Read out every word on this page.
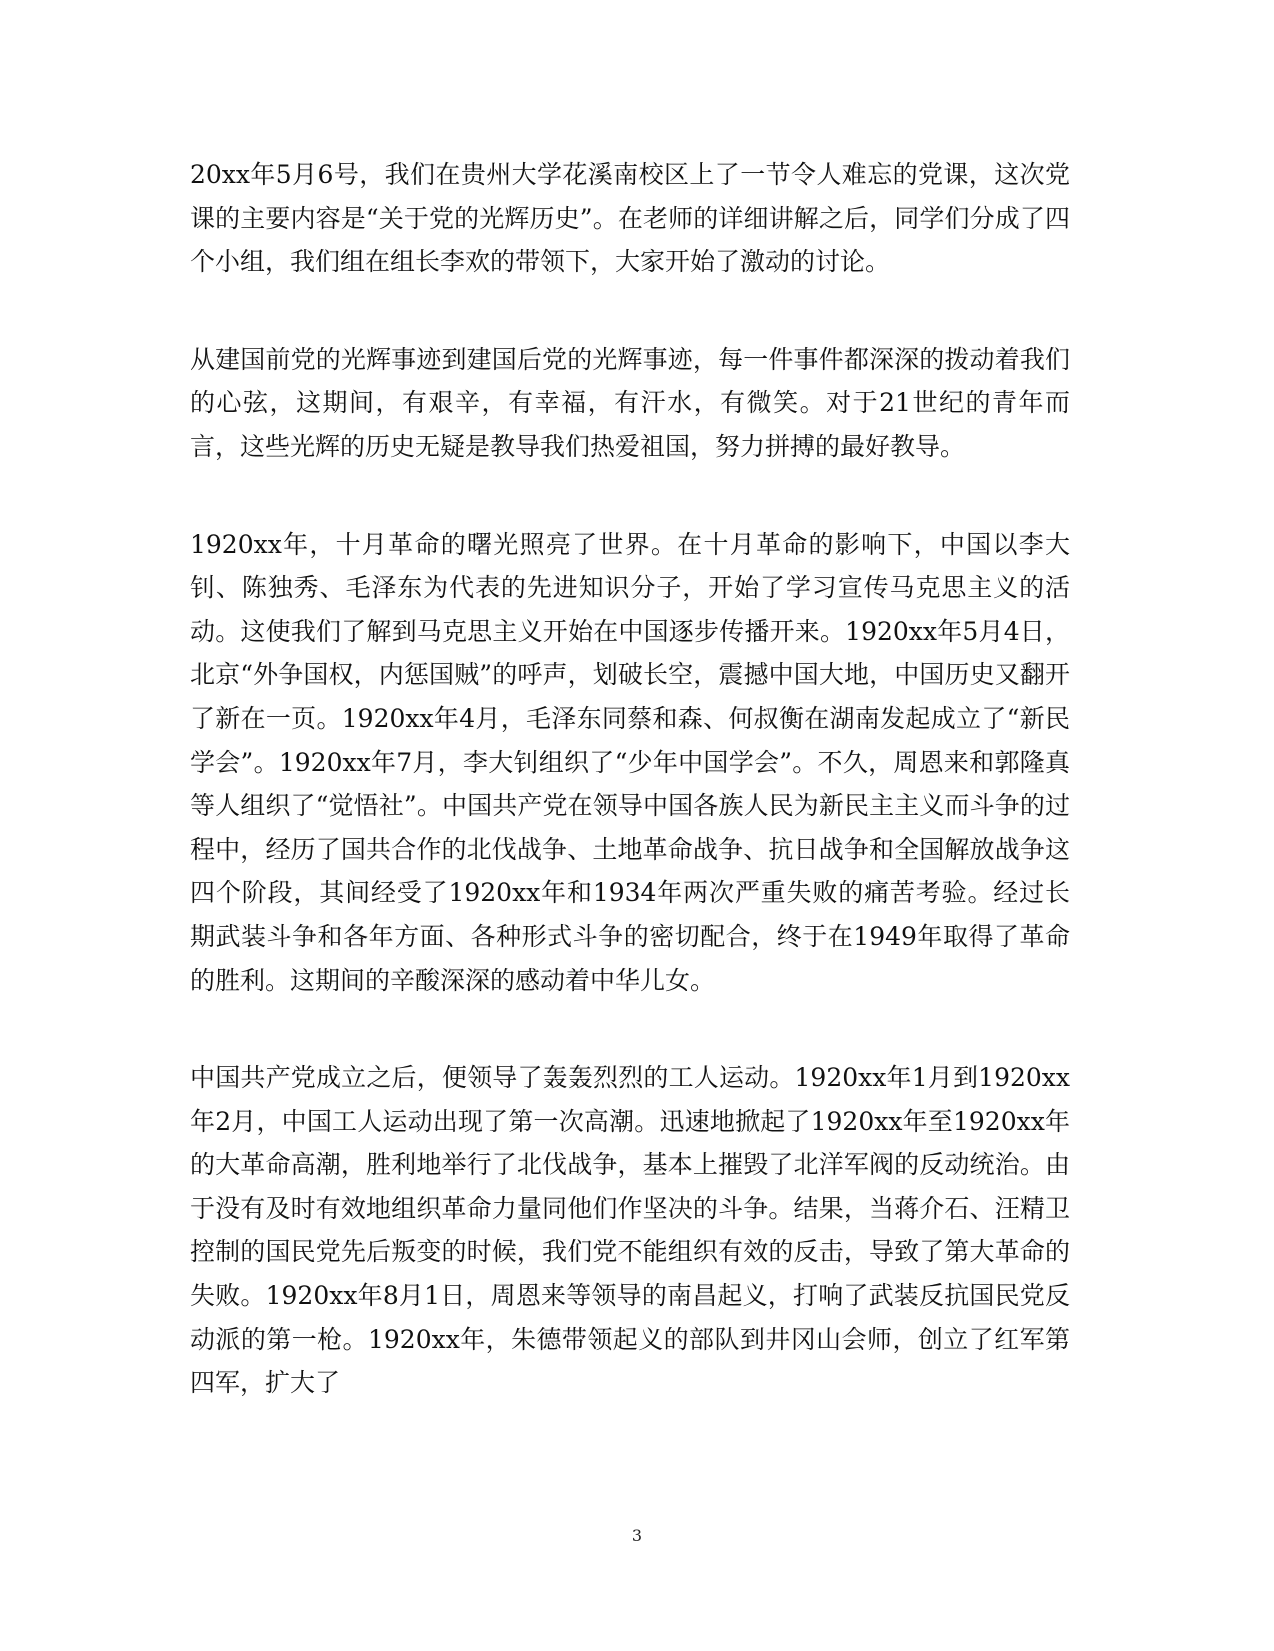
20xx年5月6号，我们在贵州大学花溪南校区上了一节令人难忘的党课，这次党课的主要内容是“关于党的光辉历史”。在老师的详细讲解之后，同学们分成了四个小组，我们组在组长李欢的带领下，大家开始了激动的讨论。

从建国前党的光辉事迹到建国后党的光辉事迹，每一件事件都深深的拨动着我们的心弦，这期间，有艰辛，有幸福，有汗水，有微笑。对于21世纪的青年而言，这些光辉的历史无疑是教导我们热爱祖国，努力拼搏的最好教导。

1920xx年，十月革命的曙光照亮了世界。在十月革命的影响下，中国以李大钊、陈独秀、毛泽东为代表的先进知识分子，开始了学习宣传马克思主义的活动。这使我们了解到马克思主义开始在中国逐步传播开来。1920xx年5月4日，北京“外争国权，内惩国贼”的呼声，划破长空，震撼中国大地，中国历史又翻开了新在一页。1920xx年4月，毛泽东同蔡和森、何叔衡在湖南发起成立了“新民学会”。1920xx年7月，李大钊组织了“少年中国学会”。不久，周恩来和郭隆真等人组织了“觉悟社”。中国共产党在领导中国各族人民为新民主主义而斗争的过程中，经历了国共合作的北伐战争、土地革命战争、抗日战争和全国解放战争这四个阶段，其间经受了1920xx年和1934年两次严重失败的痛苦考验。经过长期武装斗争和各年方面、各种形式斗争的密切配合，终于在1949年取得了革命的胜利。这期间的辛酸深深的感动着中华儿女。

中国共产党成立之后，便领导了轰轰烈烈的工人运动。1920xx年1月到1920xx年2月，中国工人运动出现了第一次高潮。迅速地掀起了1920xx年至1920xx年的大革命高潮，胜利地举行了北伐战争，基本上摧毁了北洋军阀的反动统治。由于没有及时有效地组织革命力量同他们作坚决的斗争。结果，当蒋介石、汪精卫控制的国民党先后叛变的时候，我们党不能组织有效的反击，导致了第大革命的失败。1920xx年8月1日，周恩来等领导的南昌起义，打响了武装反抗国民党反动派的第一枪。1920xx年，朱德带领起义的部队到井冈山会师，创立了红军第四军，扩大了

3
